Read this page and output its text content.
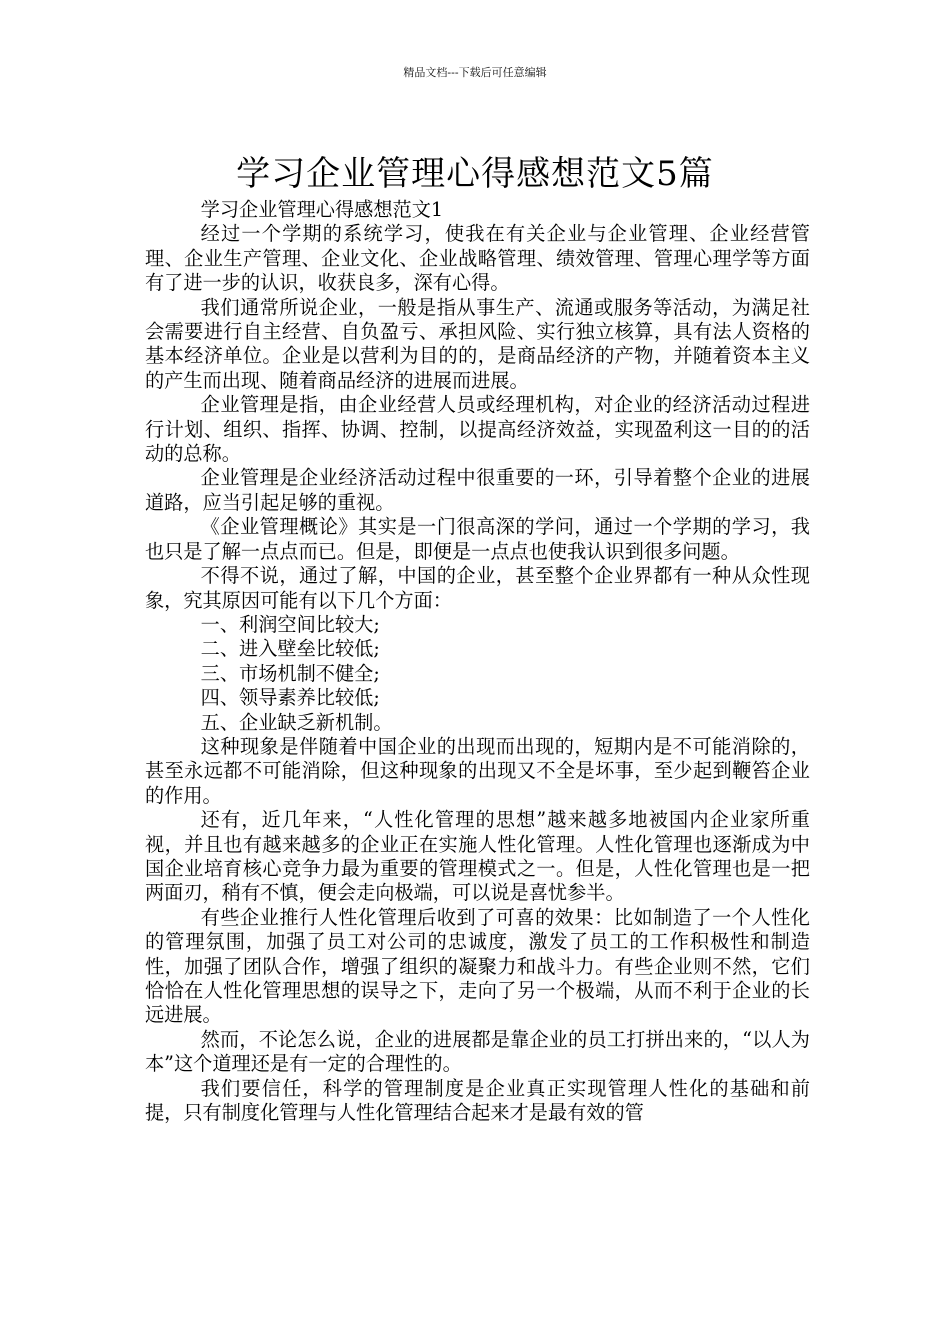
精品文档---下载后可任意编辑
学习企业管理心得感想范文5篇

学习企业管理心得感想范文1

经过一个学期的系统学习，使我在有关企业与企业管理、企业经营管理、企业生产管理、企业文化、企业战略管理、绩效管理、管理心理学等方面有了进一步的认识，收获良多，深有心得。

我们通常所说企业，一般是指从事生产、流通或服务等活动，为满足社会需要进行自主经营、自负盈亏、承担风险、实行独立核算，具有法人资格的基本经济单位。企业是以营利为目的的，是商品经济的产物，并随着资本主义的产生而出现、随着商品经济的进展而进展。

企业管理是指，由企业经营人员或经理机构，对企业的经济活动过程进行计划、组织、指挥、协调、控制，以提高经济效益，实现盈利这一目的的活动的总称。

企业管理是企业经济活动过程中很重要的一环，引导着整个企业的进展道路，应当引起足够的重视。

《企业管理概论》其实是一门很高深的学问，通过一个学期的学习，我也只是了解一点点而已。但是，即便是一点点也使我认识到很多问题。

不得不说，通过了解，中国的企业，甚至整个企业界都有一种从众性现象，究其原因可能有以下几个方面：

一、利润空间比较大;

二、进入壁垒比较低;

三、市场机制不健全;

四、领导素养比较低;

五、企业缺乏新机制。

这种现象是伴随着中国企业的出现而出现的，短期内是不可能消除的，甚至永远都不可能消除，但这种现象的出现又不全是坏事，至少起到鞭笞企业的作用。

还有，近几年来，“人性化管理的思想”越来越多地被国内企业家所重视，并且也有越来越多的企业正在实施人性化管理。人性化管理也逐渐成为中国企业培育核心竞争力最为重要的管理模式之一。但是，人性化管理也是一把两面刃，稍有不慎，便会走向极端，可以说是喜忧参半。

有些企业推行人性化管理后收到了可喜的效果：比如制造了一个人性化的管理氛围，加强了员工对公司的忠诚度，激发了员工的工作积极性和制造性，加强了团队合作，增强了组织的凝聚力和战斗力。有些企业则不然，它们恰恰在人性化管理思想的误导之下，走向了另一个极端，从而不利于企业的长远进展。

然而，不论怎么说，企业的进展都是靠企业的员工打拼出来的，“以人为本”这个道理还是有一定的合理性的。

我们要信任，科学的管理制度是企业真正实现管理人性化的基础和前提，只有制度化管理与人性化管理结合起来才是最有效的管
